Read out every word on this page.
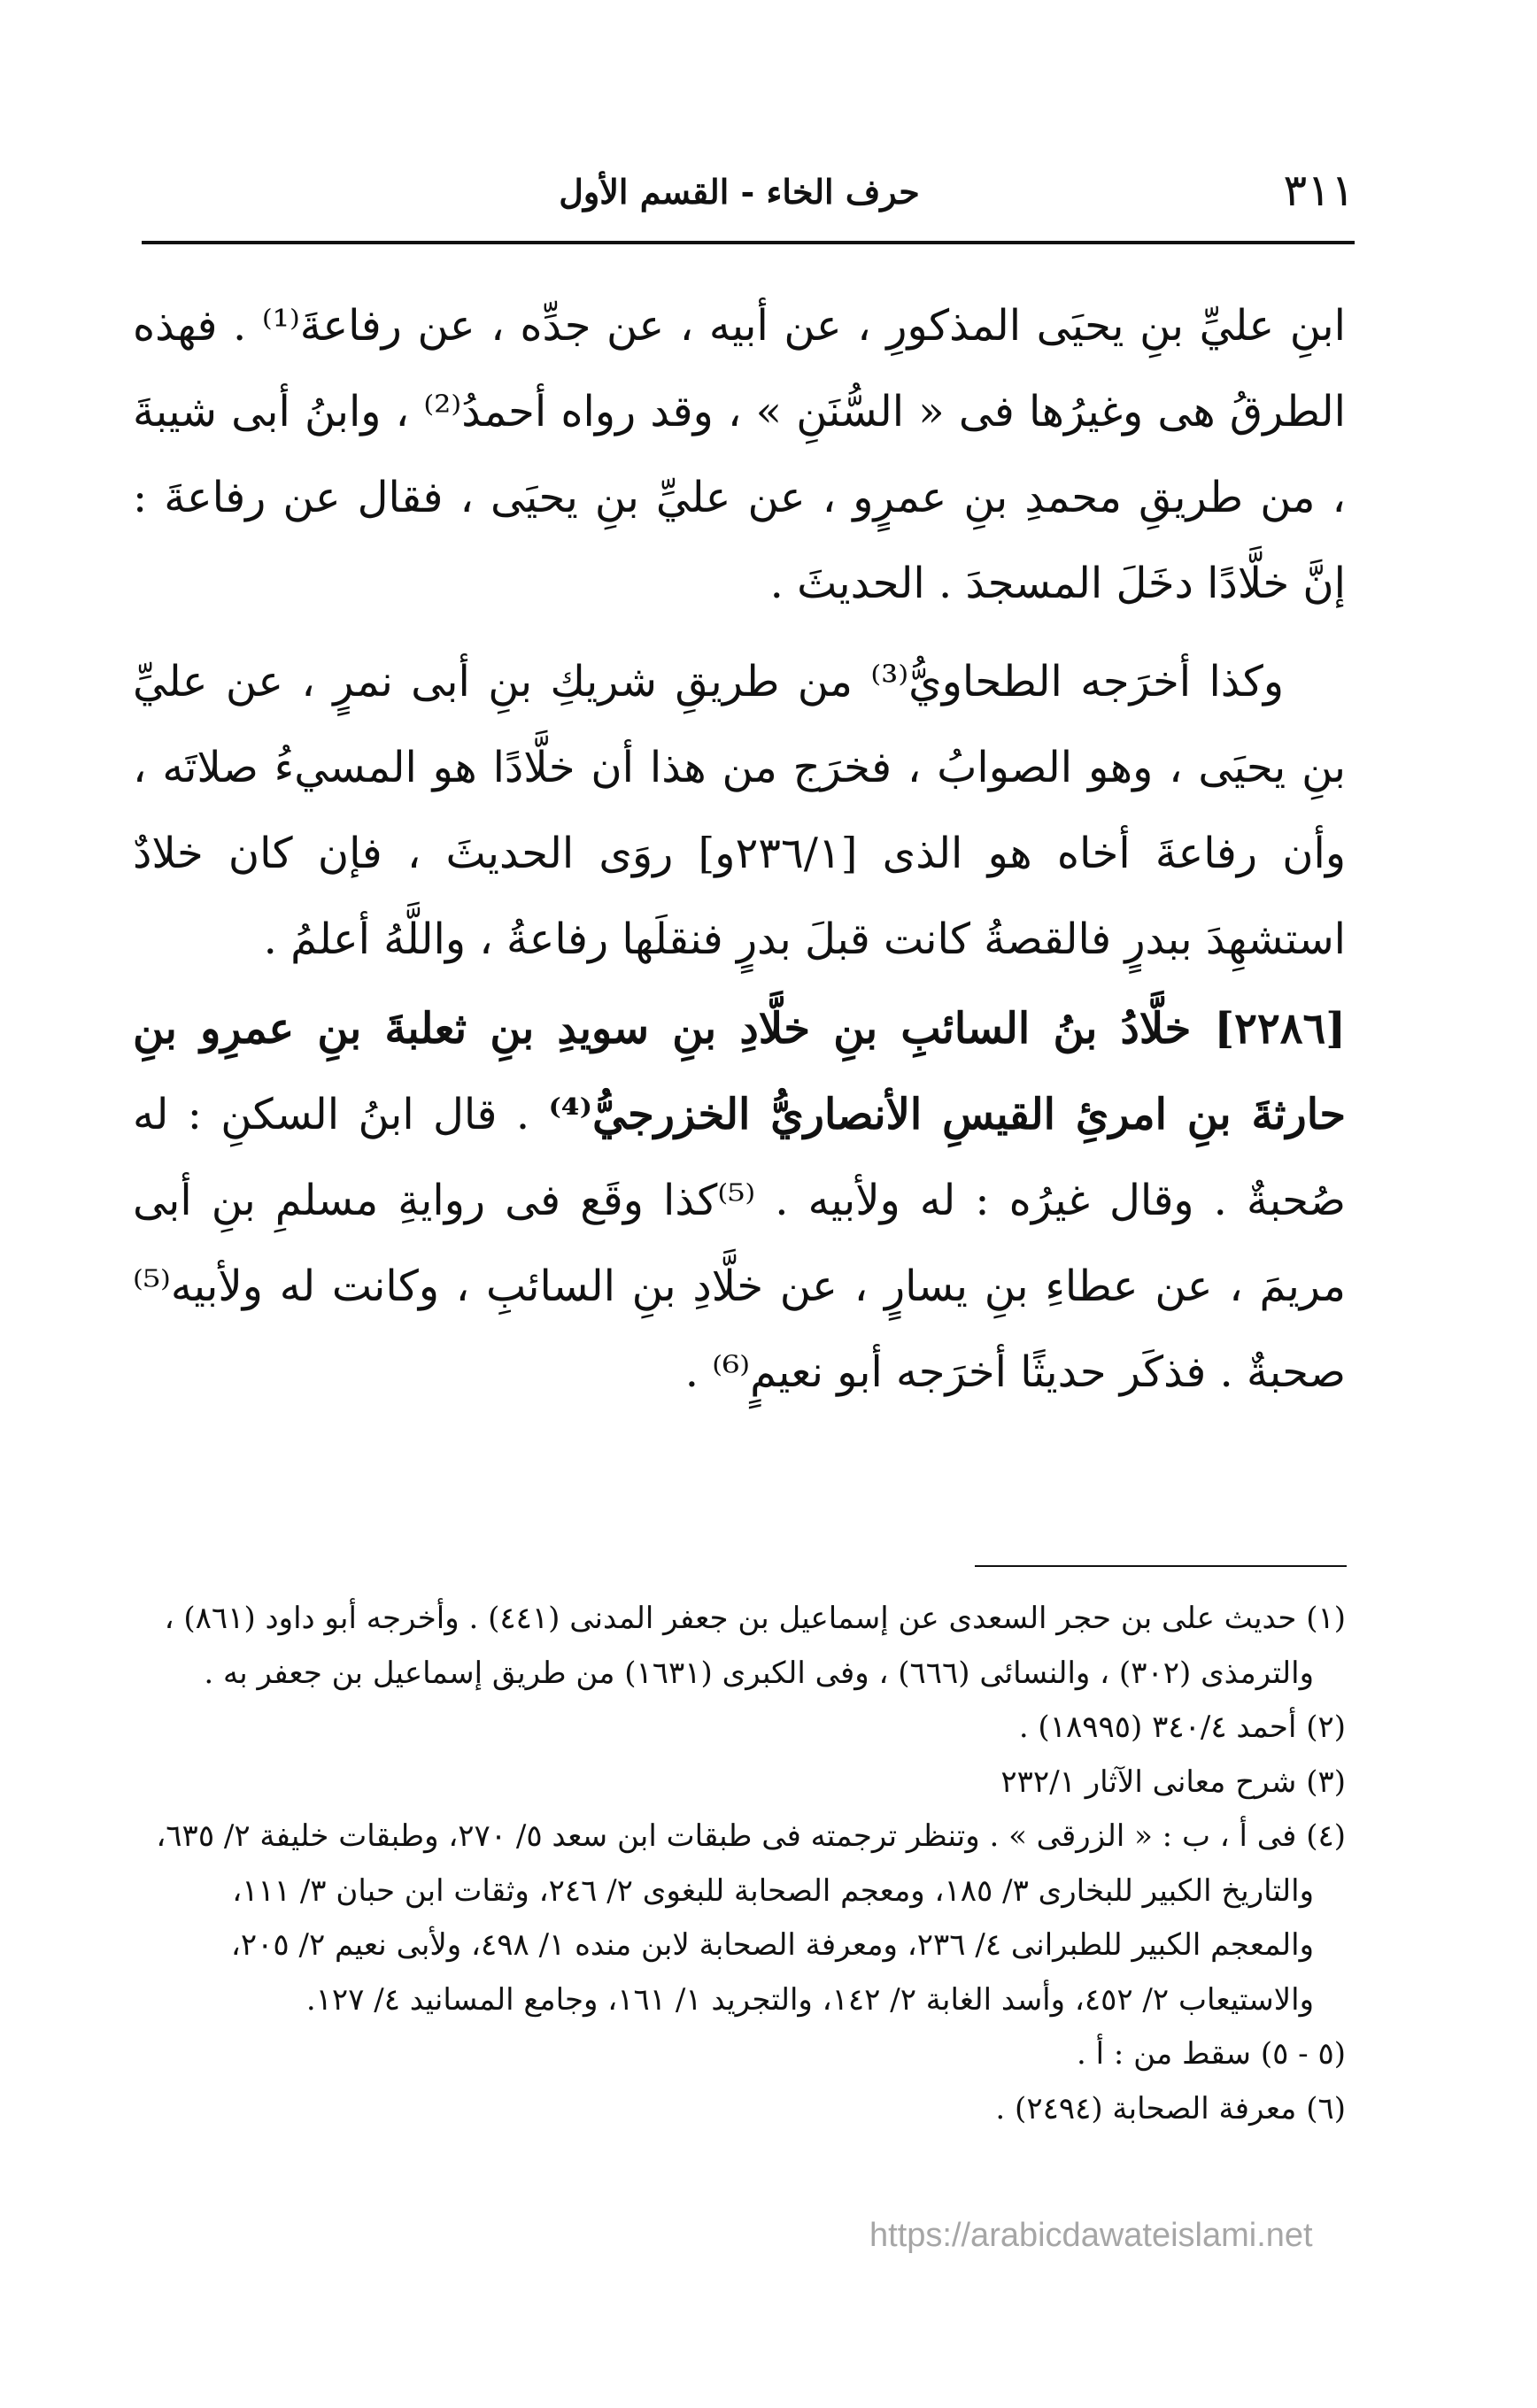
٣١١
حرف الخاء - القسم الأول

ابنِ عليِّ بنِ يحيَى المذكورِ ، عن أبيه ، عن جدِّه ، عن رفاعةَ⁽¹⁾ . فهذه الطرقُ هى وغيرُها فى « السُّنَنِ » ، وقد رواه أحمدُ⁽²⁾ ، وابنُ أبى شيبةَ ، من طريقِ محمدِ بنِ عمرٍو ، عن عليِّ بنِ يحيَى ، فقال عن رفاعةَ : إنَّ خلَّادًا دخَلَ المسجدَ . الحديثَ .

وكذا أخرَجه الطحاويُّ⁽³⁾ من طريقِ شريكِ بنِ أبى نمرٍ ، عن عليِّ بنِ يحيَى ، وهو الصوابُ ، فخرَج من هذا أن خلَّادًا هو المسيءُ صلاتَه ، وأن رفاعةَ أخاه هو الذى [٢٣٦/١و] روَى الحديثَ ، فإن كان خلادٌ استشهِدَ ببدرٍ فالقصةُ كانت قبلَ بدرٍ فنقلَها رفاعةُ ، واللَّهُ أعلمُ .

[٢٢٨٦] خلَّادُ بنُ السائبِ بنِ خلَّادِ بنِ سويدِ بنِ ثعلبةَ بنِ عمرِو بنِ حارثةَ بنِ امرئِ القيسِ الأنصاريُّ الخزرجيُّ⁽⁴⁾ . قال ابنُ السكنِ : له صُحبةٌ . وقال غيرُه : له ولأبيه . ⁽⁵⁾كذا وقَع فى روايةِ مسلمِ بنِ أبى مريمَ ، عن عطاءِ بنِ يسارٍ ، عن خلَّادِ بنِ السائبِ ، وكانت له ولأبيه⁽⁵⁾ صحبةٌ . فذكَر حديثًا أخرَجه أبو نعيمٍ⁽⁶⁾ .

(١) حديث على بن حجر السعدى عن إسماعيل بن جعفر المدنى (٤٤١) . وأخرجه أبو داود (٨٦١) ،

والترمذى (٣٠٢) ، والنسائى (٦٦٦) ، وفى الكبرى (١٦٣١) من طريق إسماعيل بن جعفر به .

(٢) أحمد ٣٤٠/٤ (١٨٩٩٥) .

(٣) شرح معانى الآثار ٢٣٢/١

(٤) فى أ ، ب : « الزرقى » . وتنظر ترجمته فى طبقات ابن سعد ٥/ ٢٧٠، وطبقات خليفة ٢/ ٦٣٥،

والتاريخ الكبير للبخارى ٣/ ١٨٥، ومعجم الصحابة للبغوى ٢/ ٢٤٦، وثقات ابن حبان ٣/ ١١١،

والمعجم الكبير للطبرانى ٤/ ٢٣٦، ومعرفة الصحابة لابن منده ١/ ٤٩٨، ولأبى نعيم ٢/ ٢٠٥،

والاستيعاب ٢/ ٤٥٢، وأسد الغابة ٢/ ١٤٢، والتجريد ١/ ١٦١، وجامع المسانيد ٤/ ١٢٧.

(٥ - ٥) سقط من : أ .

(٦) معرفة الصحابة (٢٤٩٤) .

https://arabicdawateislami.net
